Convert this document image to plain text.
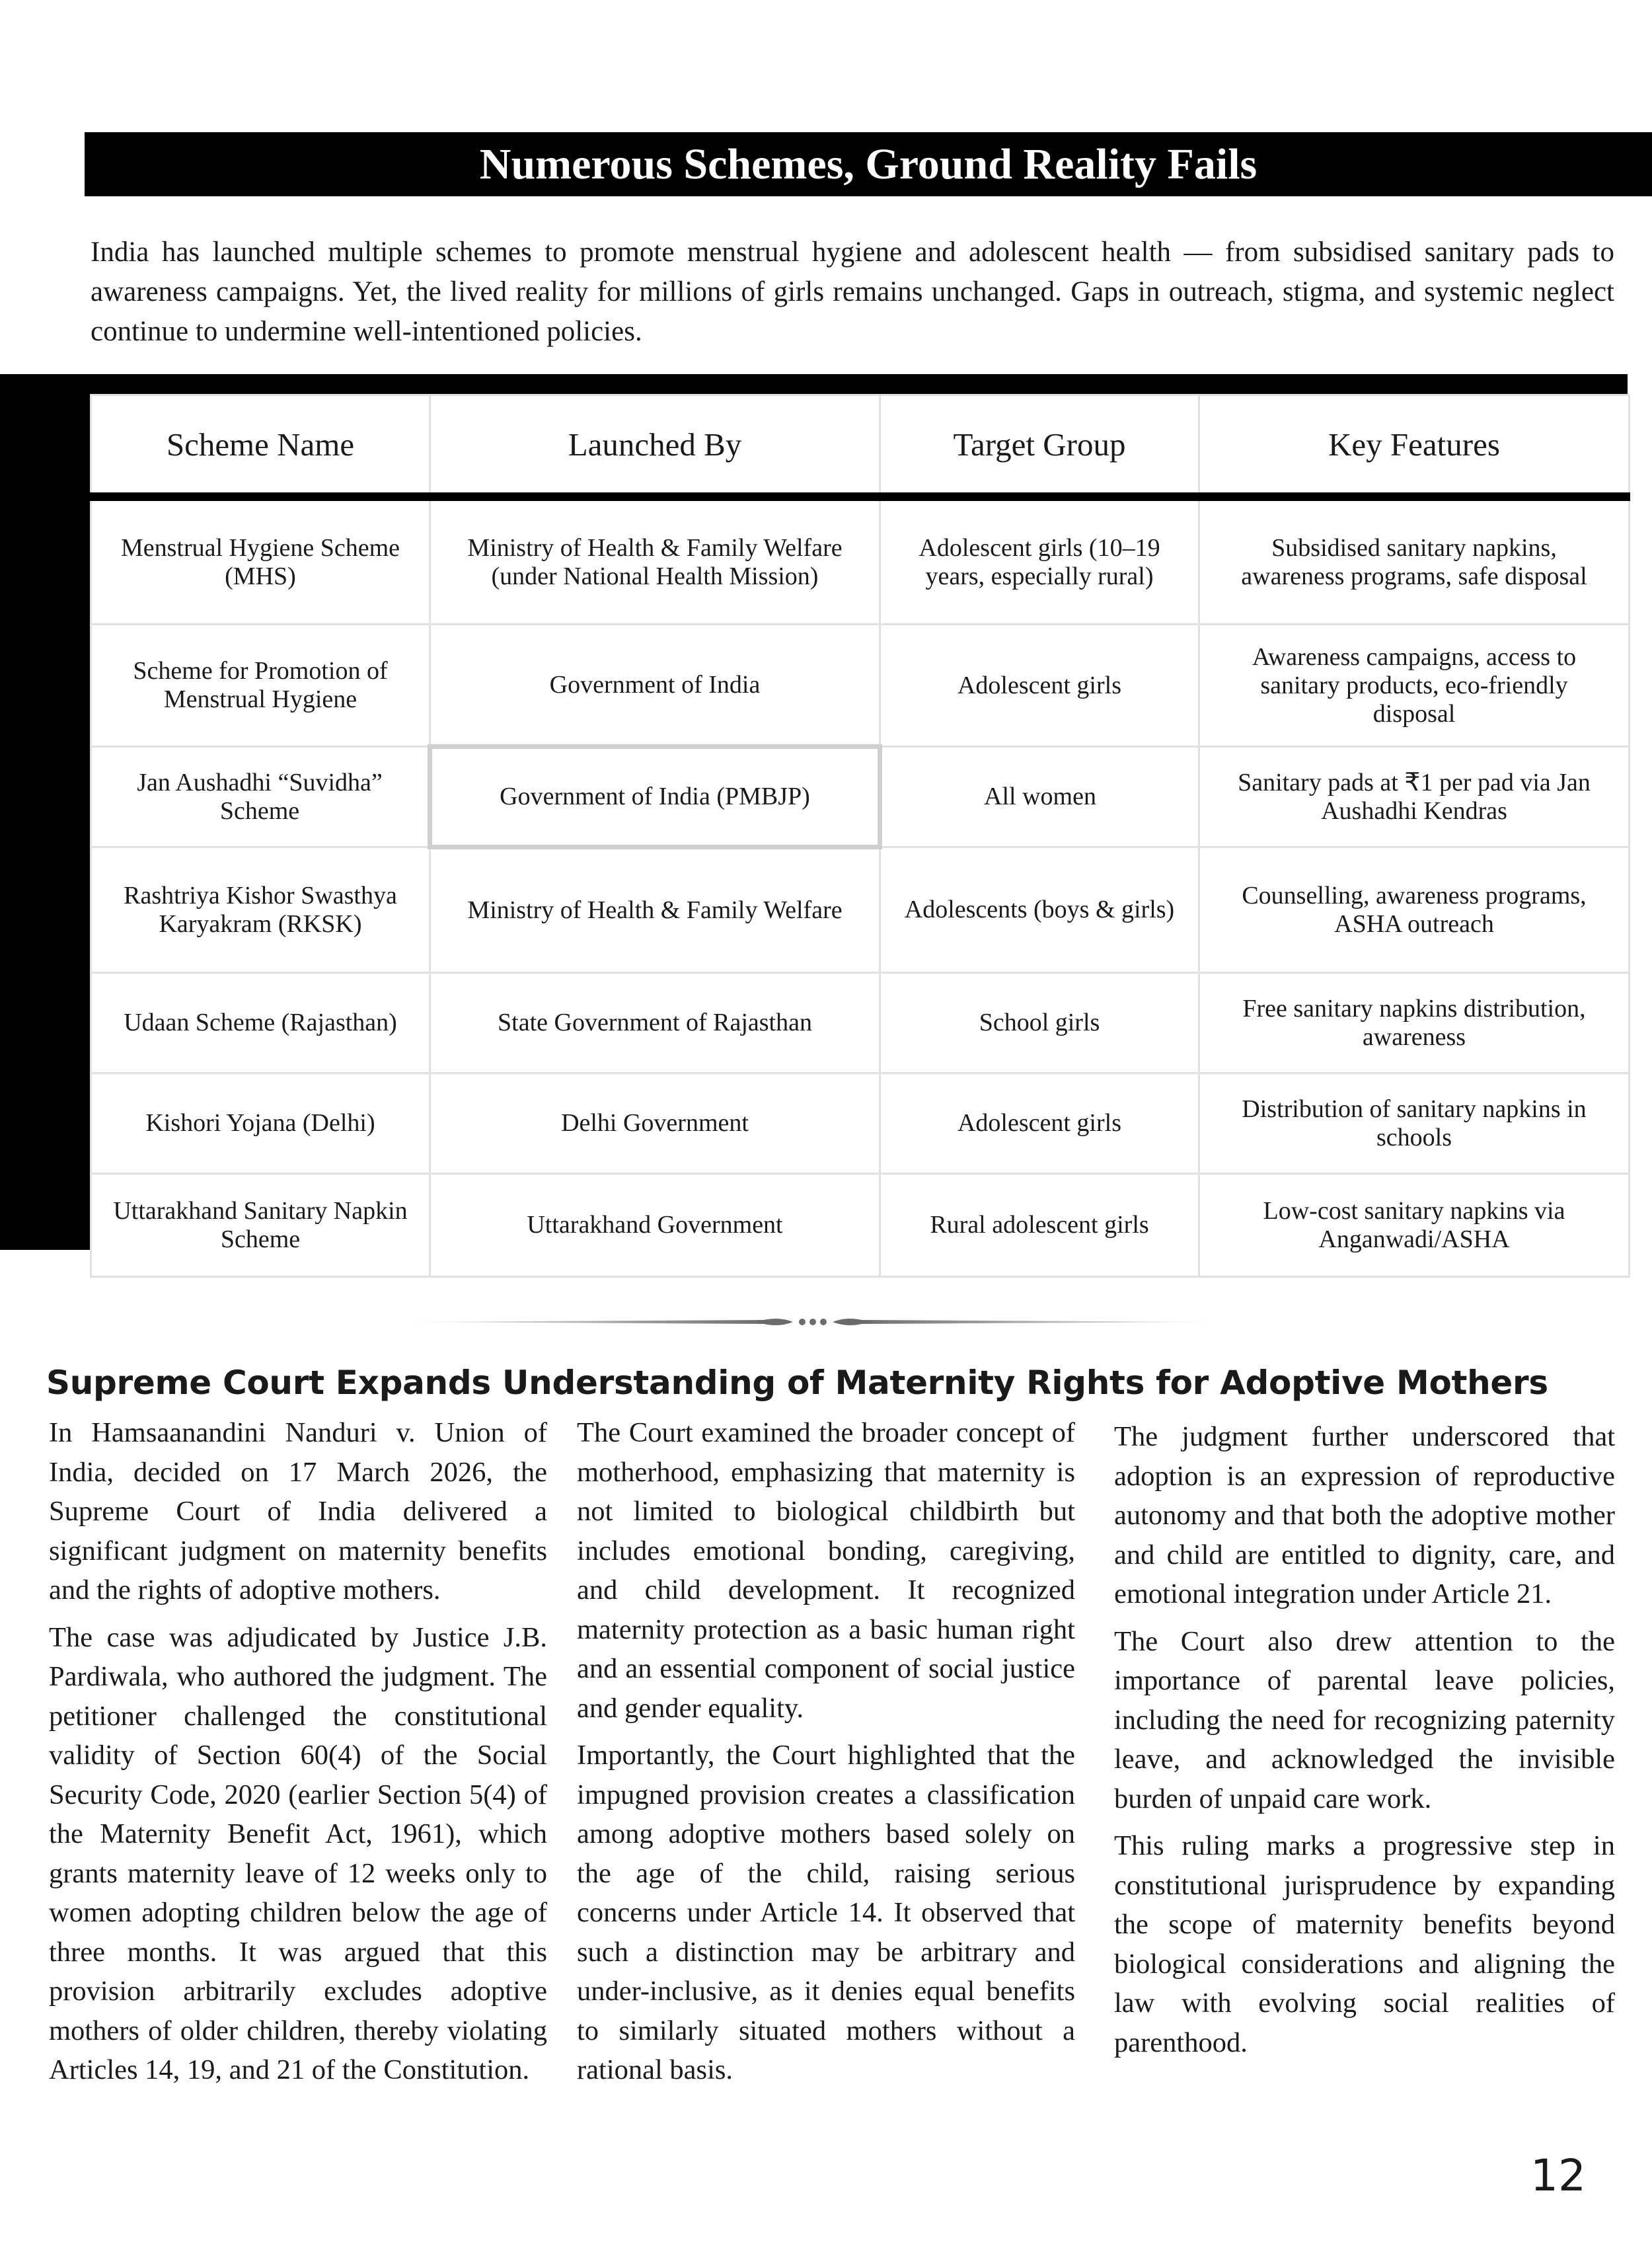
Numerous Schemes, Ground Reality Fails

India has launched multiple schemes to promote menstrual hygiene and adolescent health — from subsidised sanitary pads to awareness campaigns. Yet, the lived reality for millions of girls remains unchanged. Gaps in outreach, stigma, and systemic neglect continue to undermine well-intentioned policies.

Scheme Name	Launched By	Target Group	Key Features
Menstrual Hygiene Scheme (MHS)	Ministry of Health & Family Welfare (under National Health Mission)	Adolescent girls (10–19 years, especially rural)	Subsidised sanitary napkins, awareness programs, safe disposal
Scheme for Promotion of Menstrual Hygiene	Government of India	Adolescent girls	Awareness campaigns, access to sanitary products, eco-friendly disposal
Jan Aushadhi “Suvidha” Scheme	Government of India (PMBJP)	All women	Sanitary pads at ₹1 per pad via Jan Aushadhi Kendras
Rashtriya Kishor Swasthya Karyakram (RKSK)	Ministry of Health & Family Welfare	Adolescents (boys & girls)	Counselling, awareness programs, ASHA outreach
Udaan Scheme (Rajasthan)	State Government of Rajasthan	School girls	Free sanitary napkins distribution, awareness
Kishori Yojana (Delhi)	Delhi Government	Adolescent girls	Distribution of sanitary napkins in schools
Uttarakhand Sanitary Napkin Scheme	Uttarakhand Government	Rural adolescent girls	Low-cost sanitary napkins via Anganwadi/ASHA
Supreme Court Expands Understanding of Maternity Rights for Adoptive Mothers

In Hamsaanandini Nanduri v. Union of India, decided on 17 March 2026, the Supreme Court of India delivered a significant judgment on maternity benefits and the rights of adoptive mothers.

The case was adjudicated by Justice J.B. Pardiwala, who authored the judgment. The petitioner challenged the constitutional validity of Section 60(4) of the Social Security Code, 2020 (earlier Section 5(4) of the Maternity Benefit Act, 1961), which grants maternity leave of 12 weeks only to women adopting children below the age of three months. It was argued that this provision arbitrarily excludes adoptive mothers of older children, thereby violating Articles 14, 19, and 21 of the Constitution.

The Court examined the broader concept of motherhood, emphasizing that maternity is not limited to biological childbirth but includes emotional bonding, caregiving, and child development. It recognized maternity protection as a basic human right and an essential component of social justice and gender equality.

Importantly, the Court highlighted that the impugned provision creates a classification among adoptive mothers based solely on the age of the child, raising serious concerns under Article 14. It observed that such a distinction may be arbitrary and under-inclusive, as it denies equal benefits to similarly situated mothers without a rational basis.

The judgment further underscored that adoption is an expression of reproductive autonomy and that both the adoptive mother and child are entitled to dignity, care, and emotional integration under Article 21.

The Court also drew attention to the importance of parental leave policies, including the need for recognizing paternity leave, and acknowledged the invisible burden of unpaid care work.

This ruling marks a progressive step in constitutional jurisprudence by expanding the scope of maternity benefits beyond biological considerations and aligning the law with evolving social realities of parenthood.

12
